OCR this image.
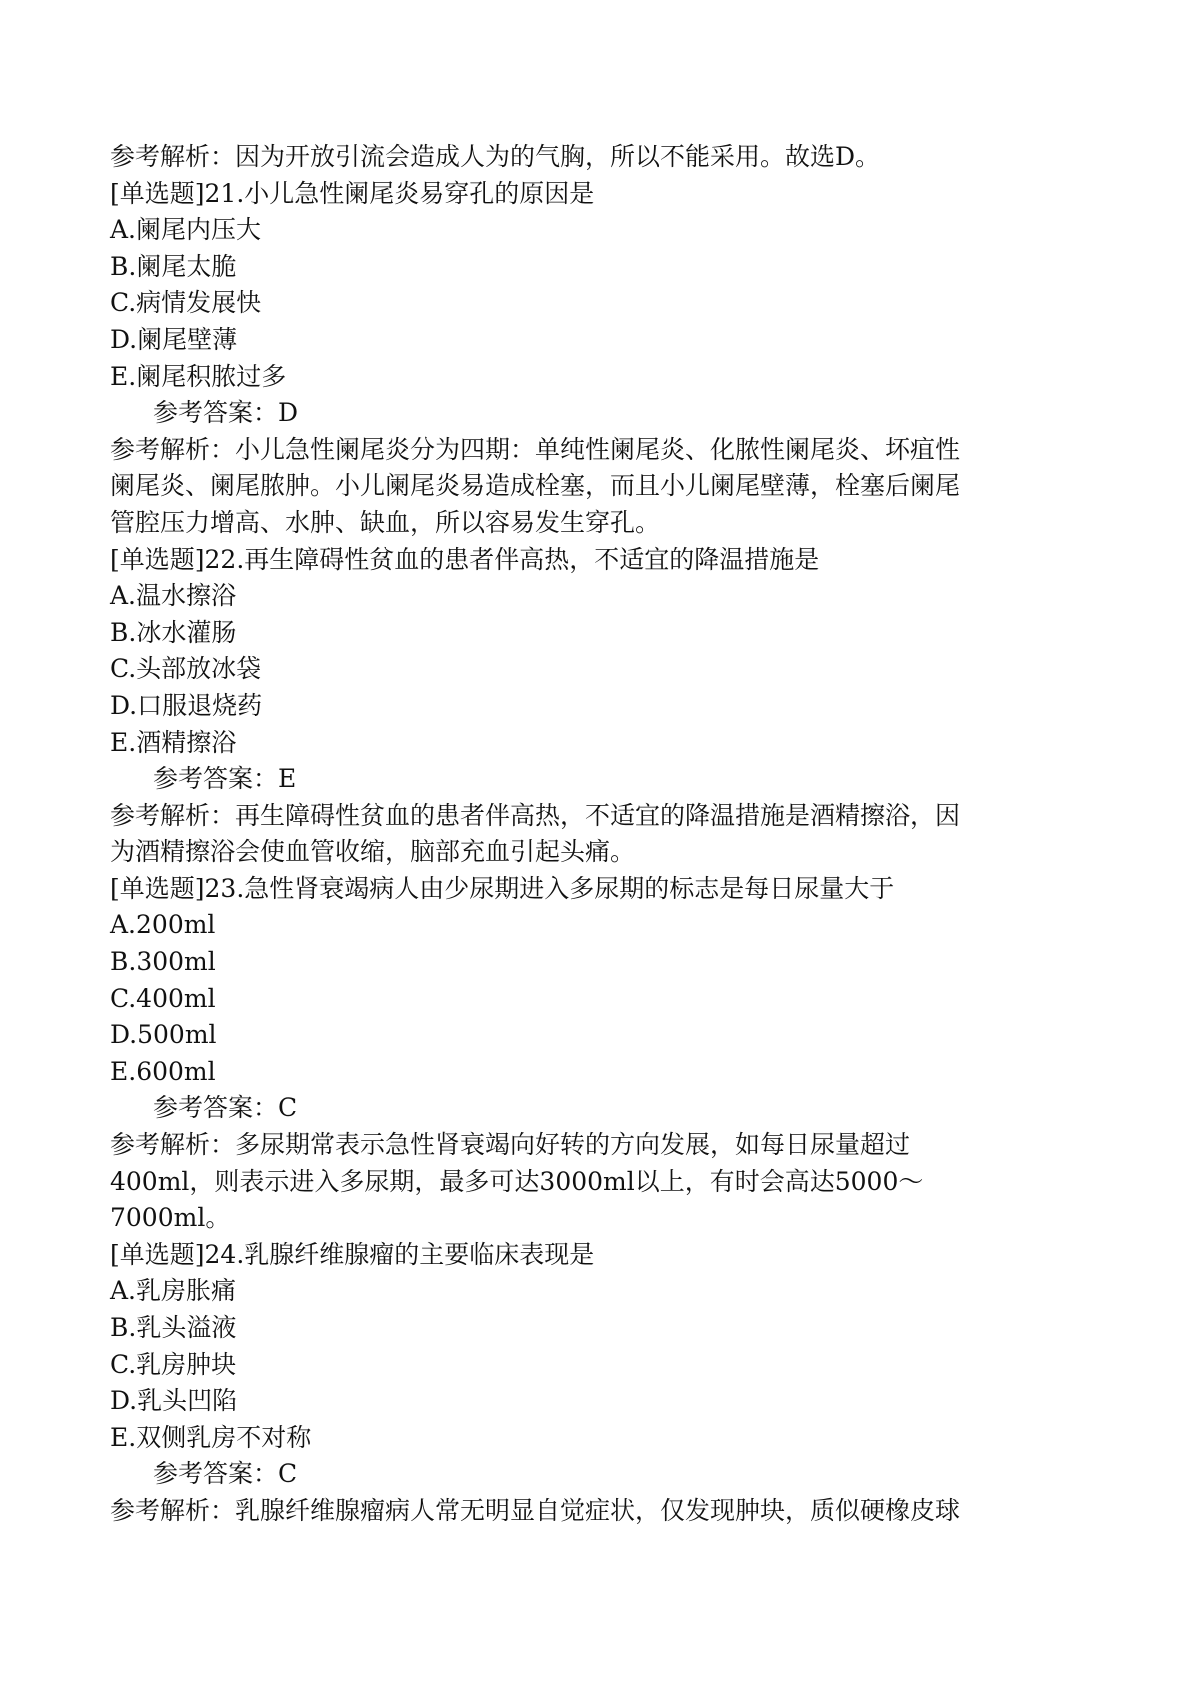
参考解析：因为开放引流会造成人为的气胸，所以不能采用。故选D。
[单选题]21.小儿急性阑尾炎易穿孔的原因是
A.阑尾内压大
B.阑尾太脆
C.病情发展快
D.阑尾壁薄
E.阑尾积脓过多
参考答案：D
参考解析：小儿急性阑尾炎分为四期：单纯性阑尾炎、化脓性阑尾炎、坏疽性
阑尾炎、阑尾脓肿。小儿阑尾炎易造成栓塞，而且小儿阑尾壁薄，栓塞后阑尾
管腔压力增高、水肿、缺血，所以容易发生穿孔。
[单选题]22.再生障碍性贫血的患者伴高热，不适宜的降温措施是
A.温水擦浴
B.冰水灌肠
C.头部放冰袋
D.口服退烧药
E.酒精擦浴
参考答案：E
参考解析：再生障碍性贫血的患者伴高热，不适宜的降温措施是酒精擦浴，因
为酒精擦浴会使血管收缩，脑部充血引起头痛。
[单选题]23.急性肾衰竭病人由少尿期进入多尿期的标志是每日尿量大于
A.200ml
B.300ml
C.400ml
D.500ml
E.600ml
参考答案：C
参考解析：多尿期常表示急性肾衰竭向好转的方向发展，如每日尿量超过
400ml，则表示进入多尿期，最多可达3000ml以上，有时会高达5000～
7000ml。
[单选题]24.乳腺纤维腺瘤的主要临床表现是
A.乳房胀痛
B.乳头溢液
C.乳房肿块
D.乳头凹陷
E.双侧乳房不对称
参考答案：C
参考解析：乳腺纤维腺瘤病人常无明显自觉症状，仅发现肿块，质似硬橡皮球
